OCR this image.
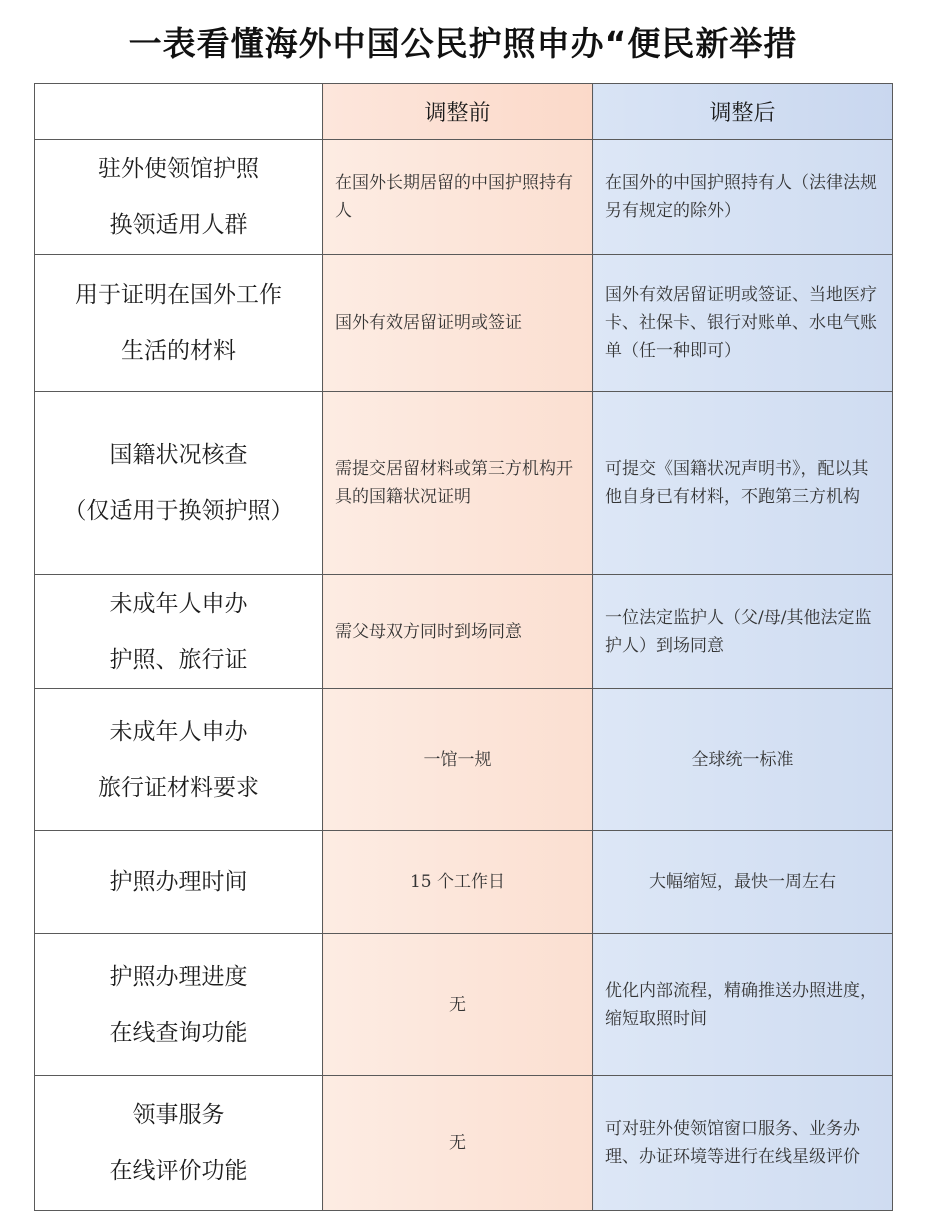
一表看懂海外中国公民护照申办“便民新举措
	调整前	调整后

驻外使领馆护照
换领适用人群	在国外长期居留的中国护照持有人	在国外的中国护照持有人（法律法规另有规定的除外）

用于证明在国外工作
生活的材料	国外有效居留证明或签证	国外有效居留证明或签证、当地医疗卡、社保卡、银行对账单、水电气账单（任一种即可）

国籍状况核查
（仅适用于换领护照）	需提交居留材料或第三方机构开具的国籍状况证明	可提交《国籍状况声明书》，配以其他自身已有材料，不跑第三方机构

未成年人申办
护照、旅行证	需父母双方同时到场同意	一位法定监护人（父/母/其他法定监护人）到场同意

未成年人申办
旅行证材料要求	一馆一规	全球统一标准

护照办理时间	15 个工作日	大幅缩短，最快一周左右

护照办理进度
在线查询功能	无	优化内部流程，精确推送办照进度，缩短取照时间

领事服务
在线评价功能	无	可对驻外使领馆窗口服务、业务办理、办证环境等进行在线星级评价
